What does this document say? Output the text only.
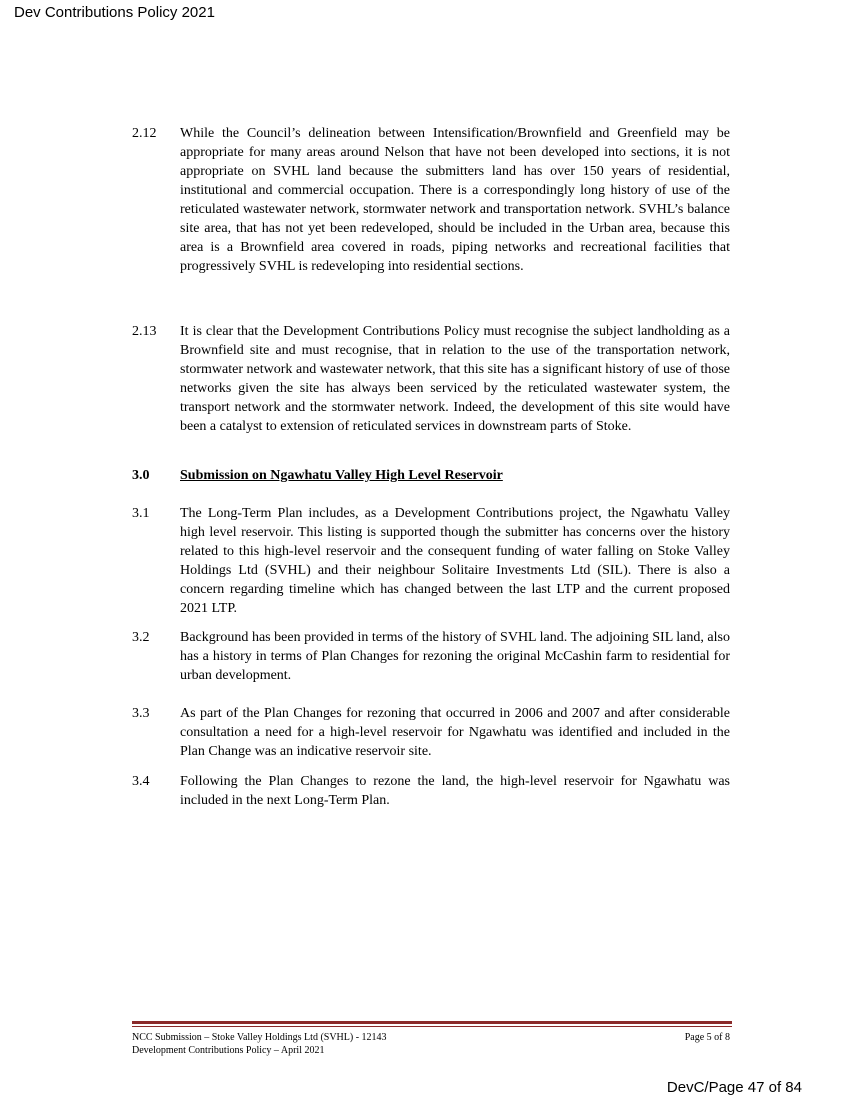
Dev Contributions Policy 2021
2.12 While the Council’s delineation between Intensification/Brownfield and Greenfield may be appropriate for many areas around Nelson that have not been developed into sections, it is not appropriate on SVHL land because the submitters land has over 150 years of residential, institutional and commercial occupation. There is a correspondingly long history of use of the reticulated wastewater network, stormwater network and transportation network. SVHL’s balance site area, that has not yet been redeveloped, should be included in the Urban area, because this area is a Brownfield area covered in roads, piping networks and recreational facilities that progressively SVHL is redeveloping into residential sections.
2.13 It is clear that the Development Contributions Policy must recognise the subject landholding as a Brownfield site and must recognise, that in relation to the use of the transportation network, stormwater network and wastewater network, that this site has a significant history of use of those networks given the site has always been serviced by the reticulated wastewater system, the transport network and the stormwater network. Indeed, the development of this site would have been a catalyst to extension of reticulated services in downstream parts of Stoke.
3.0 Submission on Ngawhatu Valley High Level Reservoir
3.1 The Long-Term Plan includes, as a Development Contributions project, the Ngawhatu Valley high level reservoir. This listing is supported though the submitter has concerns over the history related to this high-level reservoir and the consequent funding of water falling on Stoke Valley Holdings Ltd (SVHL) and their neighbour Solitaire Investments Ltd (SIL). There is also a concern regarding timeline which has changed between the last LTP and the current proposed 2021 LTP.
3.2 Background has been provided in terms of the history of SVHL land. The adjoining SIL land, also has a history in terms of Plan Changes for rezoning the original McCashin farm to residential for urban development.
3.3 As part of the Plan Changes for rezoning that occurred in 2006 and 2007 and after considerable consultation a need for a high-level reservoir for Ngawhatu was identified and included in the Plan Change was an indicative reservoir site.
3.4 Following the Plan Changes to rezone the land, the high-level reservoir for Ngawhatu was included in the next Long-Term Plan.
NCC Submission – Stoke Valley Holdings Ltd (SVHL) - 12143
Development Contributions Policy – April 2021
Page 5 of 8
DevC/Page 47 of 84
